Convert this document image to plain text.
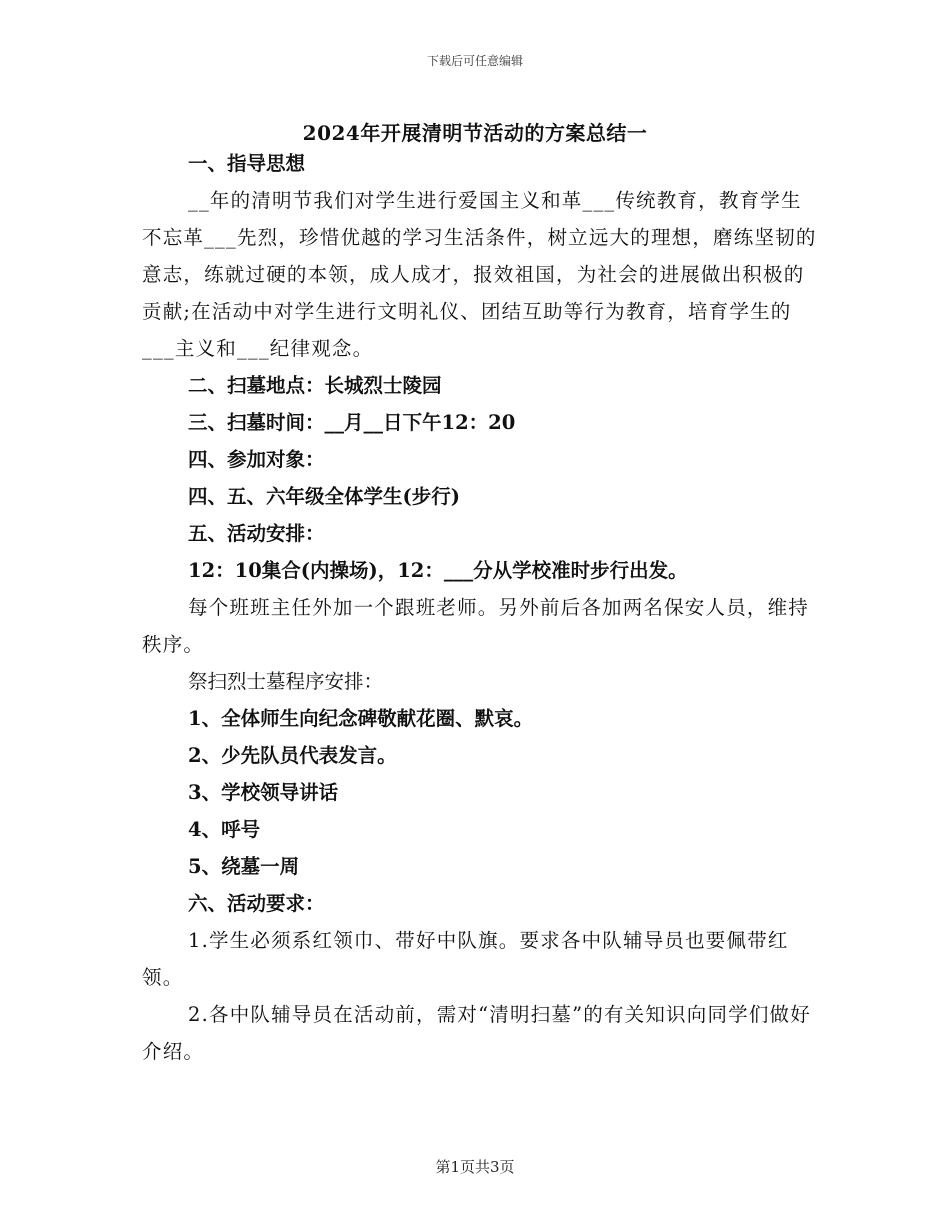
下载后可任意编辑
2024年开展清明节活动的方案总结一
一、指导思想
__年的清明节我们对学生进行爱国主义和革___传统教育，教育学生不忘革___先烈，珍惜优越的学习生活条件，树立远大的理想，磨练坚韧的意志，练就过硬的本领，成人成才，报效祖国，为社会的进展做出积极的贡献;在活动中对学生进行文明礼仪、团结互助等行为教育，培育学生的___主义和___纪律观念。
二、扫墓地点：长城烈士陵园
三、扫墓时间：__月__日下午12：20
四、参加对象：
四、五、六年级全体学生(步行)
五、活动安排：
12：10集合(内操场)，12：___分从学校准时步行出发。
每个班班主任外加一个跟班老师。另外前后各加两名保安人员，维持秩序。
祭扫烈士墓程序安排：
1、全体师生向纪念碑敬献花圈、默哀。
2、少先队员代表发言。
3、学校领导讲话
4、呼号
5、绕墓一周
六、活动要求：
1.学生必须系红领巾、带好中队旗。要求各中队辅导员也要佩带红领。
2.各中队辅导员在活动前，需对“清明扫墓”的有关知识向同学们做好介绍。
第1页共3页
